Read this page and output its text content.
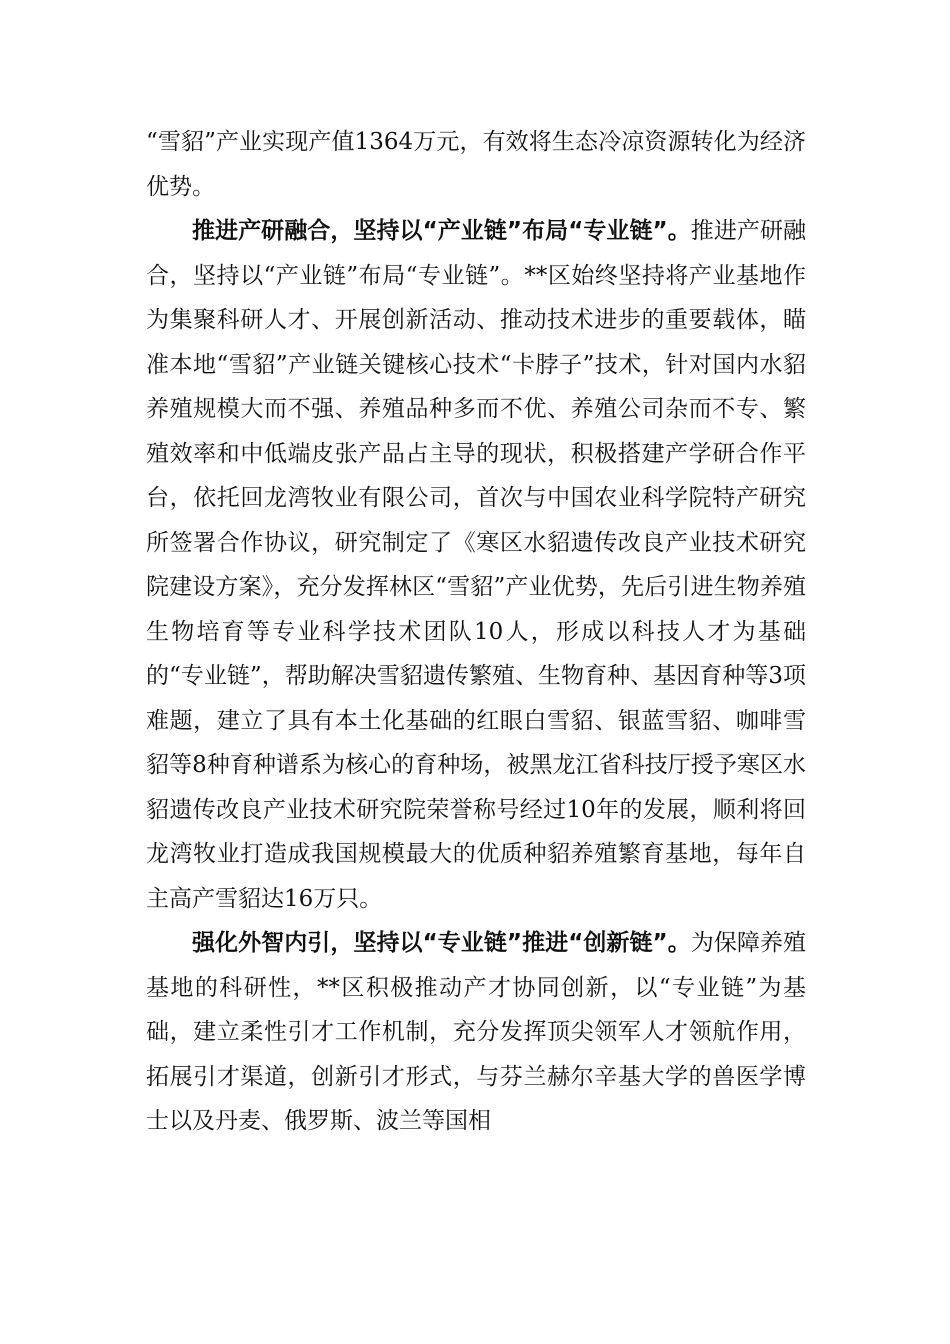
“雪貂”产业实现产值1364万元，有效将生态冷凉资源转化为经济优势。

推进产研融合，坚持以“产业链”布局“专业链”。推进产研融合，坚持以“产业链”布局“专业链”。**区始终坚持将产业基地作为集聚科研人才、开展创新活动、推动技术进步的重要载体，瞄准本地“雪貂”产业链关键核心技术“卡脖子”技术，针对国内水貂养殖规模大而不强、养殖品种多而不优、养殖公司杂而不专、繁殖效率和中低端皮张产品占主导的现状，积极搭建产学研合作平台，依托回龙湾牧业有限公司，首次与中国农业科学院特产研究所签署合作协议，研究制定了《寒区水貂遗传改良产业技术研究院建设方案》，充分发挥林区“雪貂”产业优势，先后引进生物养殖生物培育等专业科学技术团队10人，形成以科技人才为基础的“专业链”，帮助解决雪貂遗传繁殖、生物育种、基因育种等3项难题，建立了具有本土化基础的红眼白雪貂、银蓝雪貂、咖啡雪貂等8种育种谱系为核心的育种场，被黑龙江省科技厅授予寒区水貂遗传改良产业技术研究院荣誉称号经过10年的发展，顺利将回龙湾牧业打造成我国规模最大的优质种貂养殖繁育基地，每年自主高产雪貂达16万只。

强化外智内引，坚持以“专业链”推进“创新链”。为保障养殖基地的科研性，**区积极推动产才协同创新，以“专业链”为基础，建立柔性引才工作机制，充分发挥顶尖领军人才领航作用，拓展引才渠道，创新引才形式，与芬兰赫尔辛基大学的兽医学博士以及丹麦、俄罗斯、波兰等国相
